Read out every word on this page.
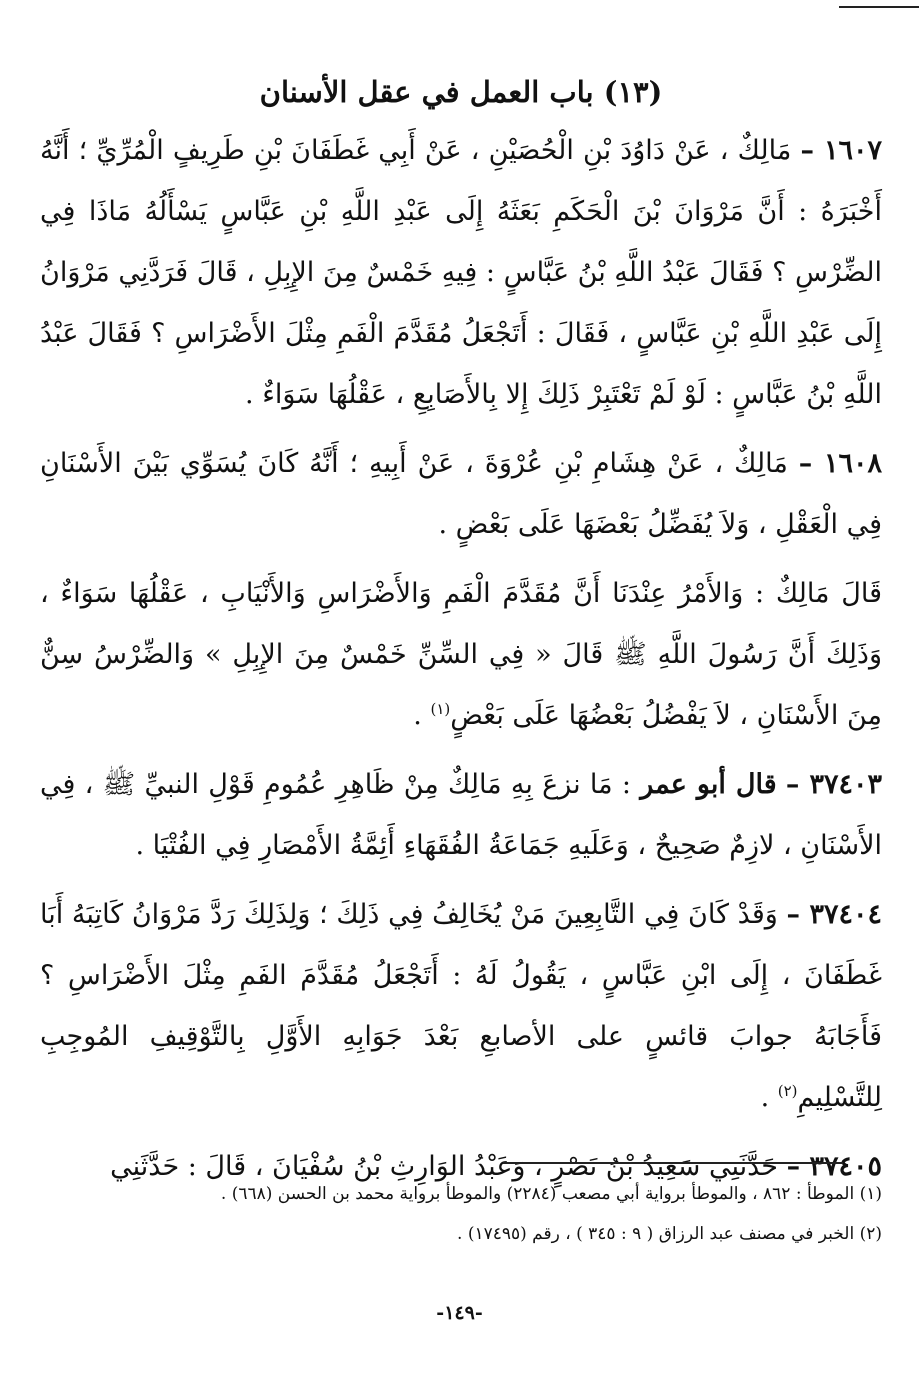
(١٣) باب العمل في عقل الأسنان

١٦٠٧ – مَالِكٌ ، عَنْ دَاوُدَ بْنِ الْحُصَيْنِ ، عَنْ أَبِي غَطَفَانَ بْنِ طَرِيفٍ الْمُرِّيِّ ؛ أَنَّهُ أَخْبَرَهُ : أَنَّ مَرْوَانَ بْنَ الْحَكَمِ بَعَثَهُ إِلَى عَبْدِ اللَّهِ بْنِ عَبَّاسٍ يَسْأَلُهُ مَاذَا فِي الضِّرْسِ ؟ فَقَالَ عَبْدُ اللَّهِ بْنُ عَبَّاسٍ : فِيهِ خَمْسٌ مِنَ الإِبِلِ ، قَالَ فَرَدَّنِي مَرْوَانُ إِلَى عَبْدِ اللَّهِ بْنِ عَبَّاسٍ ، فَقَالَ : أَتَجْعَلُ مُقَدَّمَ الْفَمِ مِثْلَ الأَضْرَاسِ ؟ فَقَالَ عَبْدُ اللَّهِ بْنُ عَبَّاسٍ : لَوْ لَمْ تَعْتَبِرْ ذَلِكَ إِلا بِالأَصَابِعِ ، عَقْلُهَا سَوَاءٌ .

١٦٠٨ – مَالِكٌ ، عَنْ هِشَامِ بْنِ عُرْوَةَ ، عَنْ أَبِيهِ ؛ أَنَّهُ كَانَ يُسَوِّي بَيْنَ الأَسْنَانِ فِي الْعَقْلِ ، وَلاَ يُفَضِّلُ بَعْضَهَا عَلَى بَعْضٍ .

قَالَ مَالِكٌ : وَالأَمْرُ عِنْدَنَا أَنَّ مُقَدَّمَ الْفَمِ وَالأَضْرَاسِ وَالأَنْيَابِ ، عَقْلُهَا سَوَاءٌ ، وَذَلِكَ أَنَّ رَسُولَ اللَّهِ ﷺ قَالَ « فِي السِّنِّ خَمْسٌ مِنَ الإِبِلِ » وَالضِّرْسُ سِنٌّ مِنَ الأَسْنَانِ ، لاَ يَفْضُلُ بَعْضُهَا عَلَى بَعْضٍ$^{(١)}$ .

٣٧٤٠٣ – قال أبو عمر : مَا نزعَ بِهِ مَالِكٌ مِنْ ظَاهِرِ عُمُومِ قَوْلِ النبيِّ ﷺ ، فِي الأَسْنَانِ ، لازِمٌ صَحِيحٌ ، وَعَلَيهِ جَمَاعَةُ الفُقَهَاءِ أَئِمَّةُ الأَمْصَارِ فِي الفُتْيَا .

٣٧٤٠٤ – وَقَدْ كَانَ فِي التَّابِعِينَ مَنْ يُخَالِفُ فِي ذَلِكَ ؛ وَلِذَلِكَ رَدَّ مَرْوَانُ كَاتِبَهُ أَبَا غَطَفَانَ ، إِلَى ابْنِ عَبَّاسٍ ، يَقُولُ لَهُ : أَتَجْعَلُ مُقَدَّمَ الفَمِ مِثْلَ الأَضْرَاسِ ؟ فَأَجَابَهُ جوابَ قائسٍ على الأصابعِ بَعْدَ جَوَابِهِ الأَوَّلِ بِالتَّوْقِيفِ المُوجِبِ لِلتَّسْلِيمِ$^{(٢)}$ .

٣٧٤٠٥ – حَدَّثَنِي سَعِيدُ بْنُ نَصْرٍ ، وَعَبْدُ الوَارِثِ بْنُ سُفْيَانَ ، قَالَ : حَدَّثَنِي

(١) الموطأ : ٨٦٢ ، والموطأ برواية أبي مصعب (٢٢٨٤) والموطأ برواية محمد بن الحسن (٦٦٨) .

(٢) الخبر في مصنف عبد الرزاق ( ٩ : ٣٤٥ ) ، رقم (١٧٤٩٥) .

-١٤٩-
